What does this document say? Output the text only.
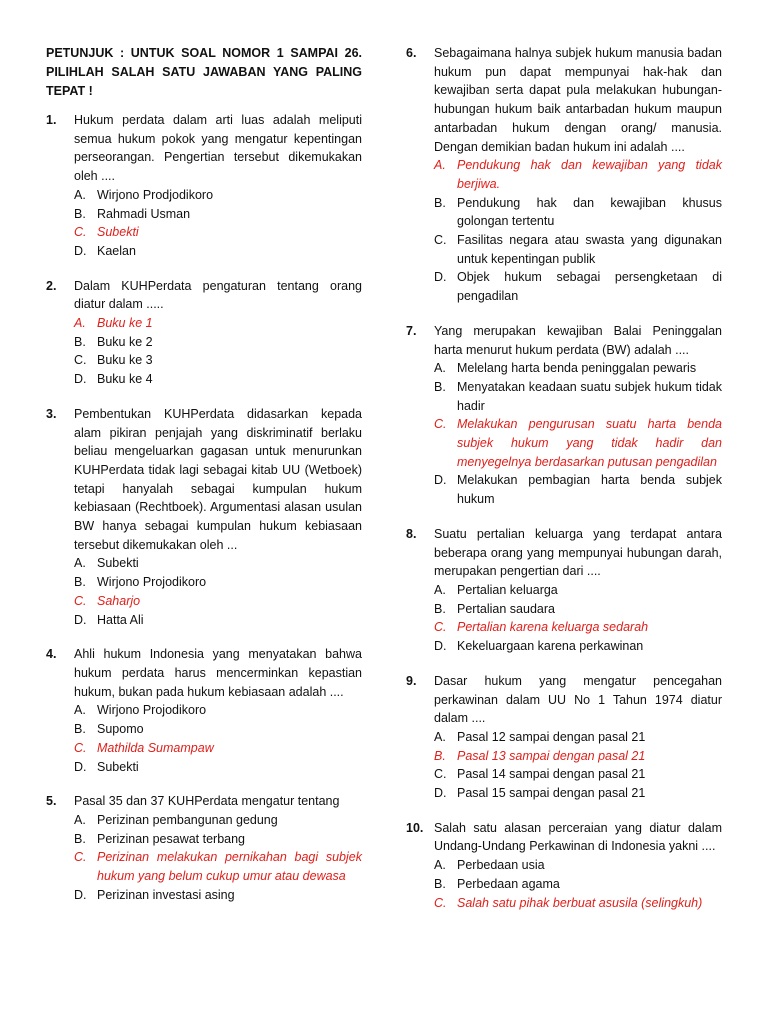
PETUNJUK : UNTUK SOAL NOMOR 1 SAMPAI 26. PILIHLAH SALAH SATU JAWABAN YANG PALING TEPAT !

1.	Hukum perdata dalam arti luas adalah meliputi semua hukum pokok yang mengatur kepentingan perseorangan. Pengertian tersebut dikemukakan oleh ....

A. Wirjono Prodjodikoro
B. Rahmadi Usman
C. Subekti
D. Kaelan
2.	Dalam KUHPerdata pengaturan tentang orang diatur dalam .....

A. Buku ke 1
B. Buku ke 2
C. Buku ke 3
D. Buku ke 4
3.	Pembentukan KUHPerdata didasarkan kepada alam pikiran penjajah yang diskriminatif berlaku beliau mengeluarkan gagasan untuk menurunkan KUHPerdata tidak lagi sebagai kitab UU (Wetboek) tetapi hanyalah sebagai kumpulan hukum kebiasaan (Rechtboek). Argumentasi alasan usulan BW hanya sebagai kumpulan hukum kebiasaan tersebut dikemukakan oleh ...

A. Subekti
B. Wirjono Projodikoro
C. Saharjo
D. Hatta Ali
4.	Ahli hukum Indonesia yang menyatakan bahwa hukum perdata harus mencerminkan kepastian hukum, bukan pada hukum kebiasaan adalah ....

A. Wirjono Projodikoro
B. Supomo
C. Mathilda Sumampaw
D. Subekti
5.	Pasal 35 dan 37 KUHPerdata mengatur tentang

A. Perizinan pembangunan gedung
B. Perizinan pesawat terbang
C. Perizinan melakukan pernikahan bagi subjek hukum yang belum cukup umur atau dewasa
D. Perizinan investasi asing
6.	Sebagaimana halnya subjek hukum manusia badan hukum pun dapat mempunyai hak-hak dan kewajiban serta dapat pula melakukan hubungan-hubungan hukum baik antarbadan hukum maupun antarbadan hukum dengan orang/ manusia. Dengan demikian badan hukum ini adalah ....

A. Pendukung hak dan kewajiban yang tidak berjiwa.
B. Pendukung hak dan kewajiban khusus golongan tertentu
C. Fasilitas negara atau swasta yang digunakan untuk kepentingan publik
D. Objek hukum sebagai persengketaan di pengadilan
7.	Yang merupakan kewajiban Balai Peninggalan harta menurut hukum perdata (BW) adalah ....

A. Melelang harta benda peninggalan pewaris
B. Menyatakan keadaan suatu subjek hukum tidak hadir
C. Melakukan pengurusan suatu harta benda subjek hukum yang tidak hadir dan menyegelnya berdasarkan putusan pengadilan
D. Melakukan pembagian harta benda subjek hukum
8.	Suatu pertalian keluarga yang terdapat antara beberapa orang yang mempunyai hubungan darah, merupakan pengertian dari ....

A. Pertalian keluarga
B. Pertalian saudara
C. Pertalian karena keluarga sedarah
D. Kekeluargaan karena perkawinan
9.	Dasar hukum yang mengatur pencegahan perkawinan dalam UU No 1 Tahun 1974 diatur dalam ....

A. Pasal 12 sampai dengan pasal 21
B. Pasal 13 sampai dengan pasal 21
C. Pasal 14 sampai dengan pasal 21
D. Pasal 15 sampai dengan pasal 21
10. Salah satu alasan perceraian yang diatur dalam Undang-Undang Perkawinan di Indonesia yakni ....

A. Perbedaan usia
B. Perbedaan agama
C. Salah satu pihak berbuat asusila (selingkuh)
